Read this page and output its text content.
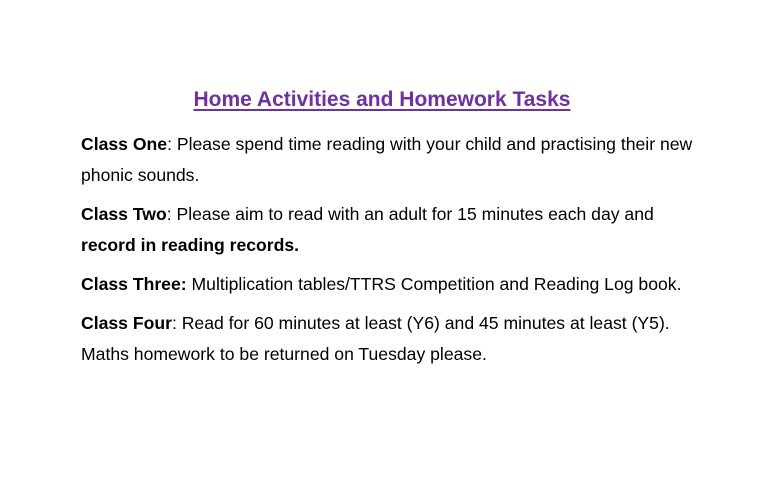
Home Activities and Homework Tasks

Class One: Please spend time reading with your child and practising their new phonic sounds.

Class Two: Please aim to read with an adult for 15 minutes each day and record in reading records.

Class Three: Multiplication tables/TTRS Competition and Reading Log book.

Class Four: Read for 60 minutes at least (Y6) and 45 minutes at least (Y5). Maths homework to be returned on Tuesday please.
